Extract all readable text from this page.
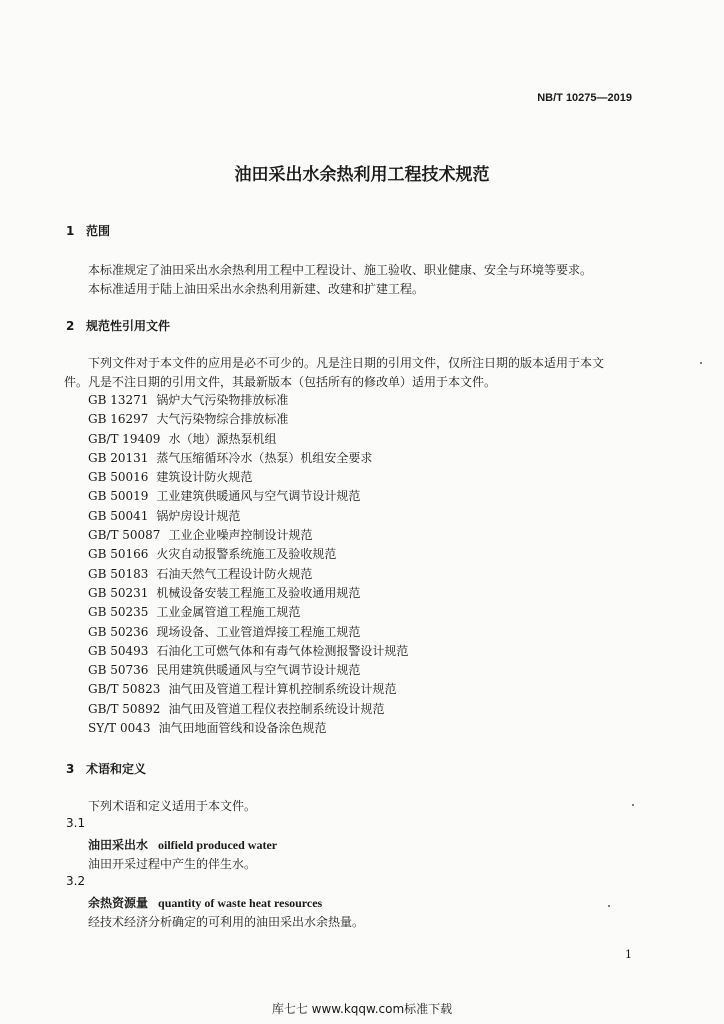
NB/T 10275—2019
油田采出水余热利用工程技术规范
1 范围
本标准规定了油田采出水余热利用工程中工程设计、施工验收、职业健康、安全与环境等要求。
本标准适用于陆上油田采出水余热利用新建、改建和扩建工程。
2 规范性引用文件
下列文件对于本文件的应用是必不可少的。凡是注日期的引用文件，仅所注日期的版本适用于本文
件。凡是不注日期的引用文件，其最新版本（包括所有的修改单）适用于本文件。
GB 13271 锅炉大气污染物排放标准
GB 16297 大气污染物综合排放标准
GB/T 19409 水（地）源热泵机组
GB 20131 蒸气压缩循环冷水（热泵）机组安全要求
GB 50016 建筑设计防火规范
GB 50019 工业建筑供暖通风与空气调节设计规范
GB 50041 锅炉房设计规范
GB/T 50087 工业企业噪声控制设计规范
GB 50166 火灾自动报警系统施工及验收规范
GB 50183 石油天然气工程设计防火规范
GB 50231 机械设备安装工程施工及验收通用规范
GB 50235 工业金属管道工程施工规范
GB 50236 现场设备、工业管道焊接工程施工规范
GB 50493 石油化工可燃气体和有毒气体检测报警设计规范
GB 50736 民用建筑供暖通风与空气调节设计规范
GB/T 50823 油气田及管道工程计算机控制系统设计规范
GB/T 50892 油气田及管道工程仪表控制系统设计规范
SY/T 0043 油气田地面管线和设备涂色规范
3 术语和定义
下列术语和定义适用于本文件。
3.1
油田采出水 oilfield produced water
油田开采过程中产生的伴生水。
3.2
余热资源量 quantity of waste heat resources
经技术经济分析确定的可利用的油田采出水余热量。
1
库七七 www.kqqw.com标准下载
